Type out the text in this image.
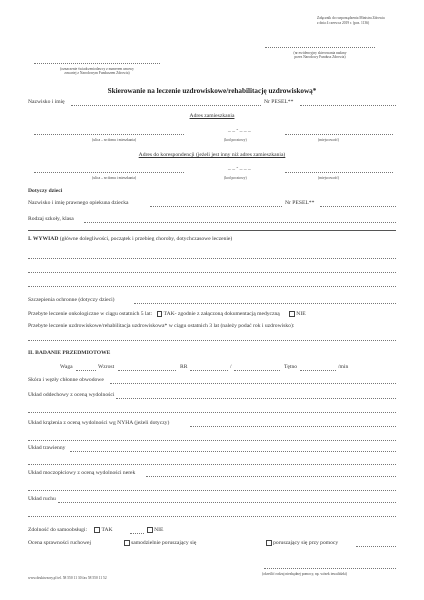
Załącznik do rozporządzenia Ministra Zdrowia
z dnia 4 czerwca 2019 r. (poz. 1136)
(nr ewidencyjny skierowania nadany
przez Narodowy Fundusz Zdrowia)
(oznaczenie świadczeniodawcy z numerem umowy
zawartej z Narodowym Funduszem Zdrowia)
Skierowanie na leczenie uzdrowiskowe/rehabilitację uzdrowiskową*
Nazwisko i imię	Nr PESEL**
Adres zamieszkania
_ _ - _ _ _
(ulica – nr domu i mieszkania)	(kod pocztowy)	(miejscowość)
Adres do korespondencji (jeżeli jest inny niż adres zamieszkania)
_ _ - _ _ _
(ulica – nr domu i mieszkania)	(kod pocztowy)	(miejscowość)
Dotyczy dzieci
Nazwisko i imię prawnego opiekuna dziecka	Nr PESEL**
Rodzaj szkoły, klasa
I. WYWIAD (główne dolegliwości, początek i przebieg choroby, dotychczasowe leczenie)
Szczepienia ochronne (dotyczy dzieci)
Przebyte leczenie onkologiczne w ciągu ostatnich 5 lat: TAK- zgodnie z załączoną dokumentacją medyczną	NIE
Przebyte leczenie uzdrowiskowe/rehabilitacja uzdrowiskowa* w ciągu ostatnich 3 lat (należy podać rok i uzdrowisko):
II. BADANIE PRZEDMIOTOWE
Waga	Wzrost	RR	/	Tętno	/min
Skóra i węzły chłonne obwodowe
Układ oddechowy z oceną wydolności
Układ krążenia z oceną wydolności wg NYHA (jeżeli dotyczy)
Układ trawienny
Układ moczopłciowy z oceną wydolności nerek
Układ ruchu
Zdolność do samoobsługi:	TAK	NIE
Ocena sprawności ruchowej	samodzielnie poruszający się	poruszający się przy pomocy
(określić rodzaj niezbędnej pomocy, np. wózek inwalidzki)
www.drukiwzory.pl tel. 58 550 11 30 fax 58 550 11 52
